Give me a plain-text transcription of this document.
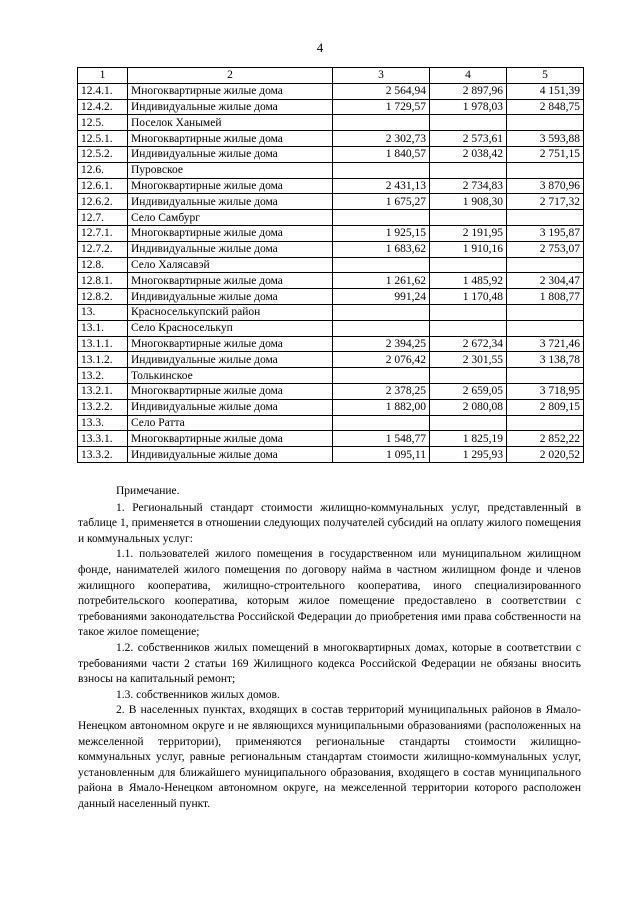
4
1	2	3	4	5
12.4.1.	Многоквартирные жилые дома	2 564,94	2 897,96	4 151,39
12.4.2.	Индивидуальные жилые дома	1 729,57	1 978,03	2 848,75
12.5.	Поселок Ханымей			
12.5.1.	Многоквартирные жилые дома	2 302,73	2 573,61	3 593,88
12.5.2.	Индивидуальные жилые дома	1 840,57	2 038,42	2 751,15
12.6.	Пуровское			
12.6.1.	Многоквартирные жилые дома	2 431,13	2 734,83	3 870,96
12.6.2.	Индивидуальные жилые дома	1 675,27	1 908,30	2 717,32
12.7.	Село Самбург			
12.7.1.	Многоквартирные жилые дома	1 925,15	2 191,95	3 195,87
12.7.2.	Индивидуальные жилые дома	1 683,62	1 910,16	2 753,07
12.8.	Село Халясавэй			
12.8.1.	Многоквартирные жилые дома	1 261,62	1 485,92	2 304,47
12.8.2.	Индивидуальные жилые дома	991,24	1 170,48	1 808,77
13.	Красноселькупский район			
13.1.	Село Красноселькуп			
13.1.1.	Многоквартирные жилые дома	2 394,25	2 672,34	3 721,46
13.1.2.	Индивидуальные жилые дома	2 076,42	2 301,55	3 138,78
13.2.	Толькинское			
13.2.1.	Многоквартирные жилые дома	2 378,25	2 659,05	3 718,95
13.2.2.	Индивидуальные жилые дома	1 882,00	2 080,08	2 809,15
13.3.	Село Ратта			
13.3.1.	Многоквартирные жилые дома	1 548,77	1 825,19	2 852,22
13.3.2.	Индивидуальные жилые дома	1 095,11	1 295,93	2 020,52

Примечание.

1. Региональный стандарт стоимости жилищно-коммунальных услуг, представленный в таблице 1, применяется в отношении следующих получателей субсидий на оплату жилого помещения и коммунальных услуг:

1.1. пользователей жилого помещения в государственном или муниципальном жилищном фонде, нанимателей жилого помещения по договору найма в частном жилищном фонде и членов жилищного кооператива, жилищно-строительного кооператива, иного специализированного потребительского кооператива, которым жилое помещение предоставлено в соответствии с требованиями законодательства Российской Федерации до приобретения ими права собственности на такое жилое помещение;

1.2. собственников жилых помещений в многоквартирных домах, которые в соответствии с требованиями части 2 статьи 169 Жилищного кодекса Российской Федерации не обязаны вносить взносы на капитальный ремонт;

1.3. собственников жилых домов.

2. В населенных пунктах, входящих в состав территорий муниципальных районов в Ямало-Ненецком автономном округе и не являющихся муниципальными образованиями (расположенных на межселенной территории), применяются региональные стандарты стоимости жилищно-коммунальных услуг, равные региональным стандартам стоимости жилищно-коммунальных услуг, установленным для ближайшего муниципального образования, входящего в состав муниципального района в Ямало-Ненецком автономном округе, на межселенной территории которого расположен данный населенный пункт.
